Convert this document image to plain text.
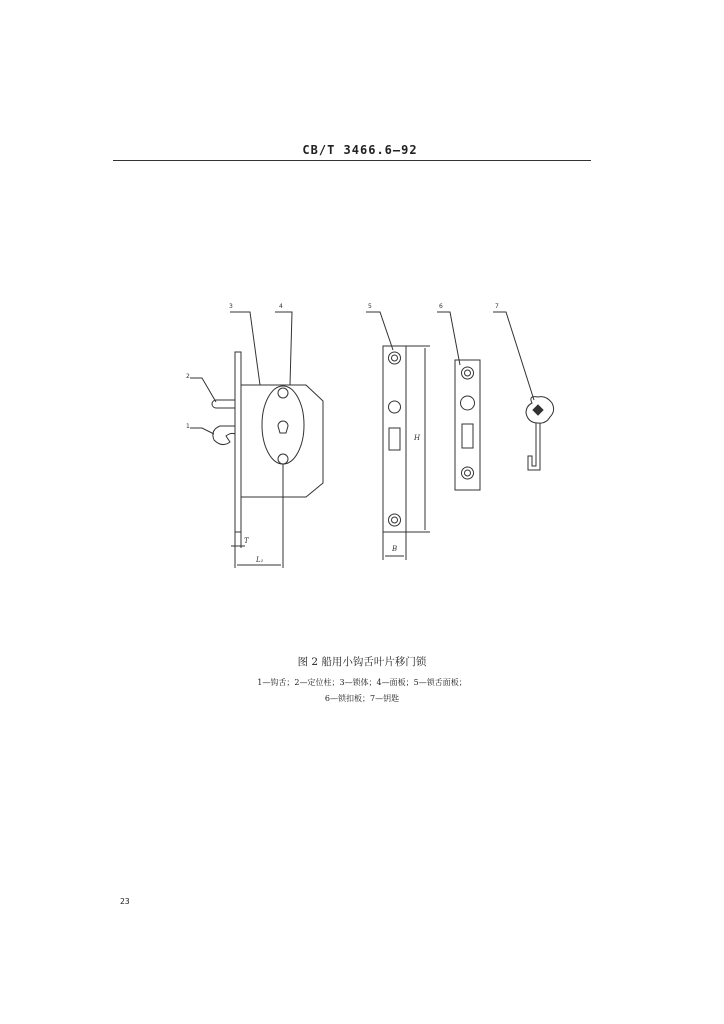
CB/T 3466.6—92
1
2
3	4	5	6	7
H
B
T
L₁
图 2 船用小钩舌叶片移门锁
1—钩舌；2—定位柱；3—锁体；4—面板；5—锁舌面板；
6—锁扣板；7—钥匙
23
